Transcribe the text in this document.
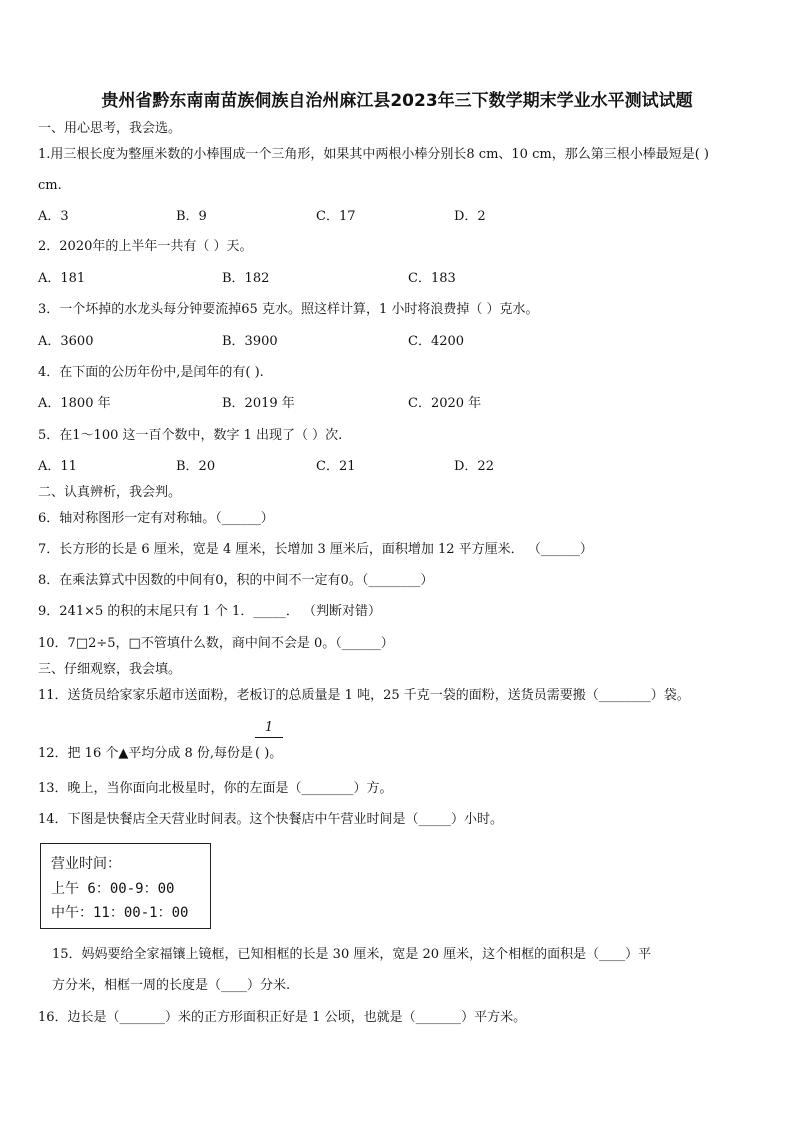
贵州省黔东南南苗族侗族自治州麻江县2023年三下数学期末学业水平测试试题
一、用心思考，我会选。
1.用三根长度为整厘米数的小棒围成一个三角形，如果其中两根小棒分别长8 cm、10 cm，那么第三根小棒最短是( )
cm.
A．3	B．9	C．17	D．2
2．2020年的上半年一共有（ ）天。
A．181	B．182	C．183
3．一个坏掉的水龙头每分钟要流掉65 克水。照这样计算，1 小时将浪费掉（ ）克水。
A．3600	B．3900	C．4200
4．在下面的公历年份中,是闰年的有( ).
A．1800 年	B．2019 年	C．2020 年
5．在1～100 这一百个数中，数字 1 出现了（ ）次.
A．11	B．20	C．21	D．22
二、认真辨析，我会判。
6．轴对称图形一定有对称轴。（______）
7．长方形的长是 6 厘米，宽是 4 厘米，长增加 3 厘米后，面积增加 12 平方厘米． （______）
8．在乘法算式中因数的中间有0，积的中间不一定有0。（________）
9．241×5 的积的末尾只有 1 个 1．_____． （判断对错）
10．7□2÷5，□不管填什么数，商中间不会是 0。（______）
三、仔细观察，我会填。
11．送货员给家家乐超市送面粉，老板订的总质量是 1 吨，25 千克一袋的面粉，送货员需要搬（________）袋。
12．把 16 个▲平均分成 8 份,每份是
1
( )。
13．晚上，当你面向北极星时，你的左面是（________）方。
14．下图是快餐店全天营业时间表。这个快餐店中午营业时间是（_____）小时。
营业时间：
上午 6：00-9：00
中午：11：00-1：00
15．妈妈要给全家福镶上镜框，已知相框的长是 30 厘米，宽是 20 厘米，这个相框的面积是（____）平
方分米，相框一周的长度是（____）分米.
16．边长是（_______）米的正方形面积正好是 1 公顷，也就是（_______）平方米。
